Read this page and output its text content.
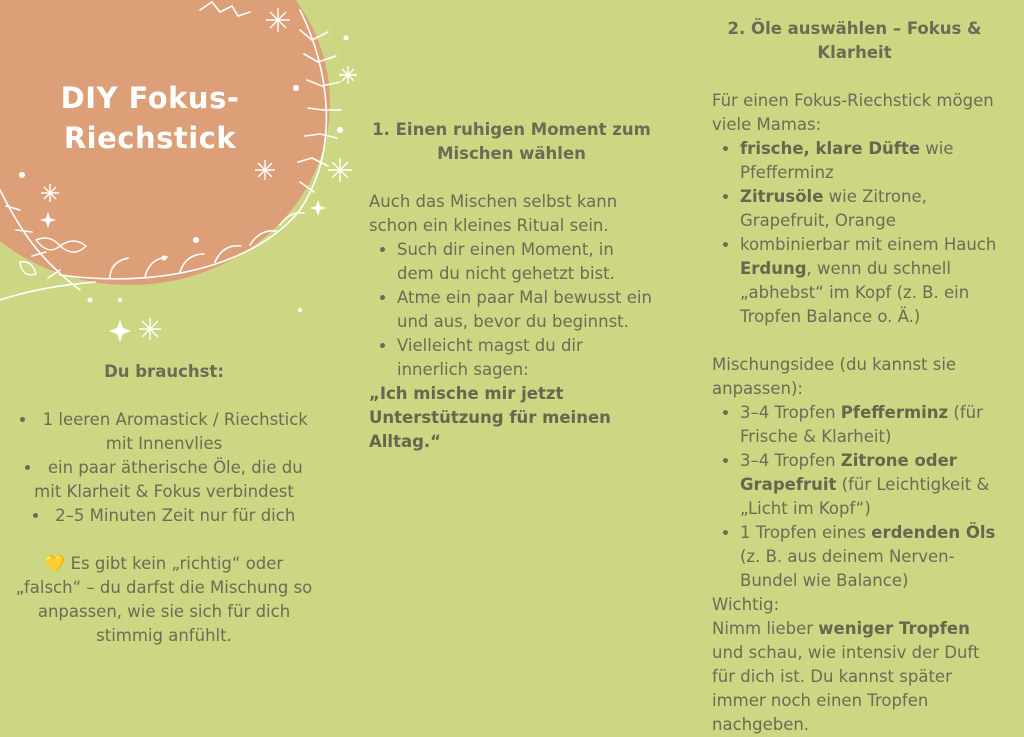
DIY Fokus-Riechstick

Du brauchst:

• 1 leeren Aromastick / Riechstick mit Innenvlies
• ein paar ätherische Öle, die du mit Klarheit & Fokus verbindest
• 2–5 Minuten Zeit nur für dich

💛 Es gibt kein „richtig“ oder „falsch“ – du darfst die Mischung so anpassen, wie sie sich für dich stimmig anfühlt.

1. Einen ruhigen Moment zum Mischen wählen

Auch das Mischen selbst kann schon ein kleines Ritual sein.

• Such dir einen Moment, in dem du nicht gehetzt bist.
• Atme ein paar Mal bewusst ein und aus, bevor du beginnst.
• Vielleicht magst du dir innerlich sagen:

„Ich mische mir jetzt Unterstützung für meinen Alltag.“

2. Öle auswählen – Fokus & Klarheit

Für einen Fokus-Riechstick mögen viele Mamas:

• frische, klare Düfte wie Pfefferminz
• Zitrusöle wie Zitrone, Grapefruit, Orange
• kombinierbar mit einem Hauch Erdung, wenn du schnell „abhebst“ im Kopf (z. B. ein Tropfen Balance o. Ä.)

Mischungsidee (du kannst sie anpassen):

• 3–4 Tropfen Pfefferminz (für Frische & Klarheit)
• 3–4 Tropfen Zitrone oder Grapefruit (für Leichtigkeit & „Licht im Kopf“)
• 1 Tropfen eines erdenden Öls (z. B. aus deinem Nerven-Bundel wie Balance)

Wichtig:

Nimm lieber weniger Tropfen und schau, wie intensiv der Duft für dich ist. Du kannst später immer noch einen Tropfen nachgeben.
